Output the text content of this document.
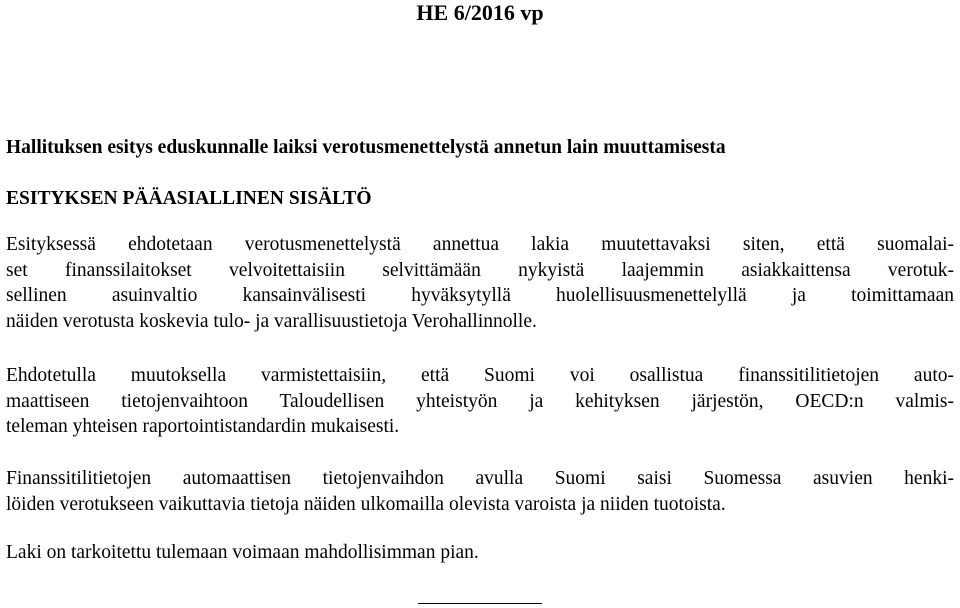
HE 6/2016 vp
Hallituksen esitys eduskunnalle laiksi verotusmenettelystä annetun lain muuttamisesta
ESITYKSEN PÄÄASIALLINEN SISÄLTÖ

Esityksessä ehdotetaan verotusmenettelystä annettua lakia muutettavaksi siten, että suomalai-
set finanssilaitokset velvoitettaisiin selvittämään nykyistä laajemmin asiakkaittensa verotuk-
sellinen asuinvaltio kansainvälisesti hyväksytyllä huolellisuusmenettelyllä ja toimittamaan
näiden verotusta koskevia tulo- ja varallisuustietoja Verohallinnolle.

Ehdotetulla muutoksella varmistettaisiin, että Suomi voi osallistua finanssitilitietojen auto-
maattiseen tietojenvaihtoon Taloudellisen yhteistyön ja kehityksen järjestön, OECD:n valmis-
teleman yhteisen raportointistandardin mukaisesti.

Finanssitilitietojen automaattisen tietojenvaihdon avulla Suomi saisi Suomessa asuvien henki-
löiden verotukseen vaikuttavia tietoja näiden ulkomailla olevista varoista ja niiden tuotoista.

Laki on tarkoitettu tulemaan voimaan mahdollisimman pian.
